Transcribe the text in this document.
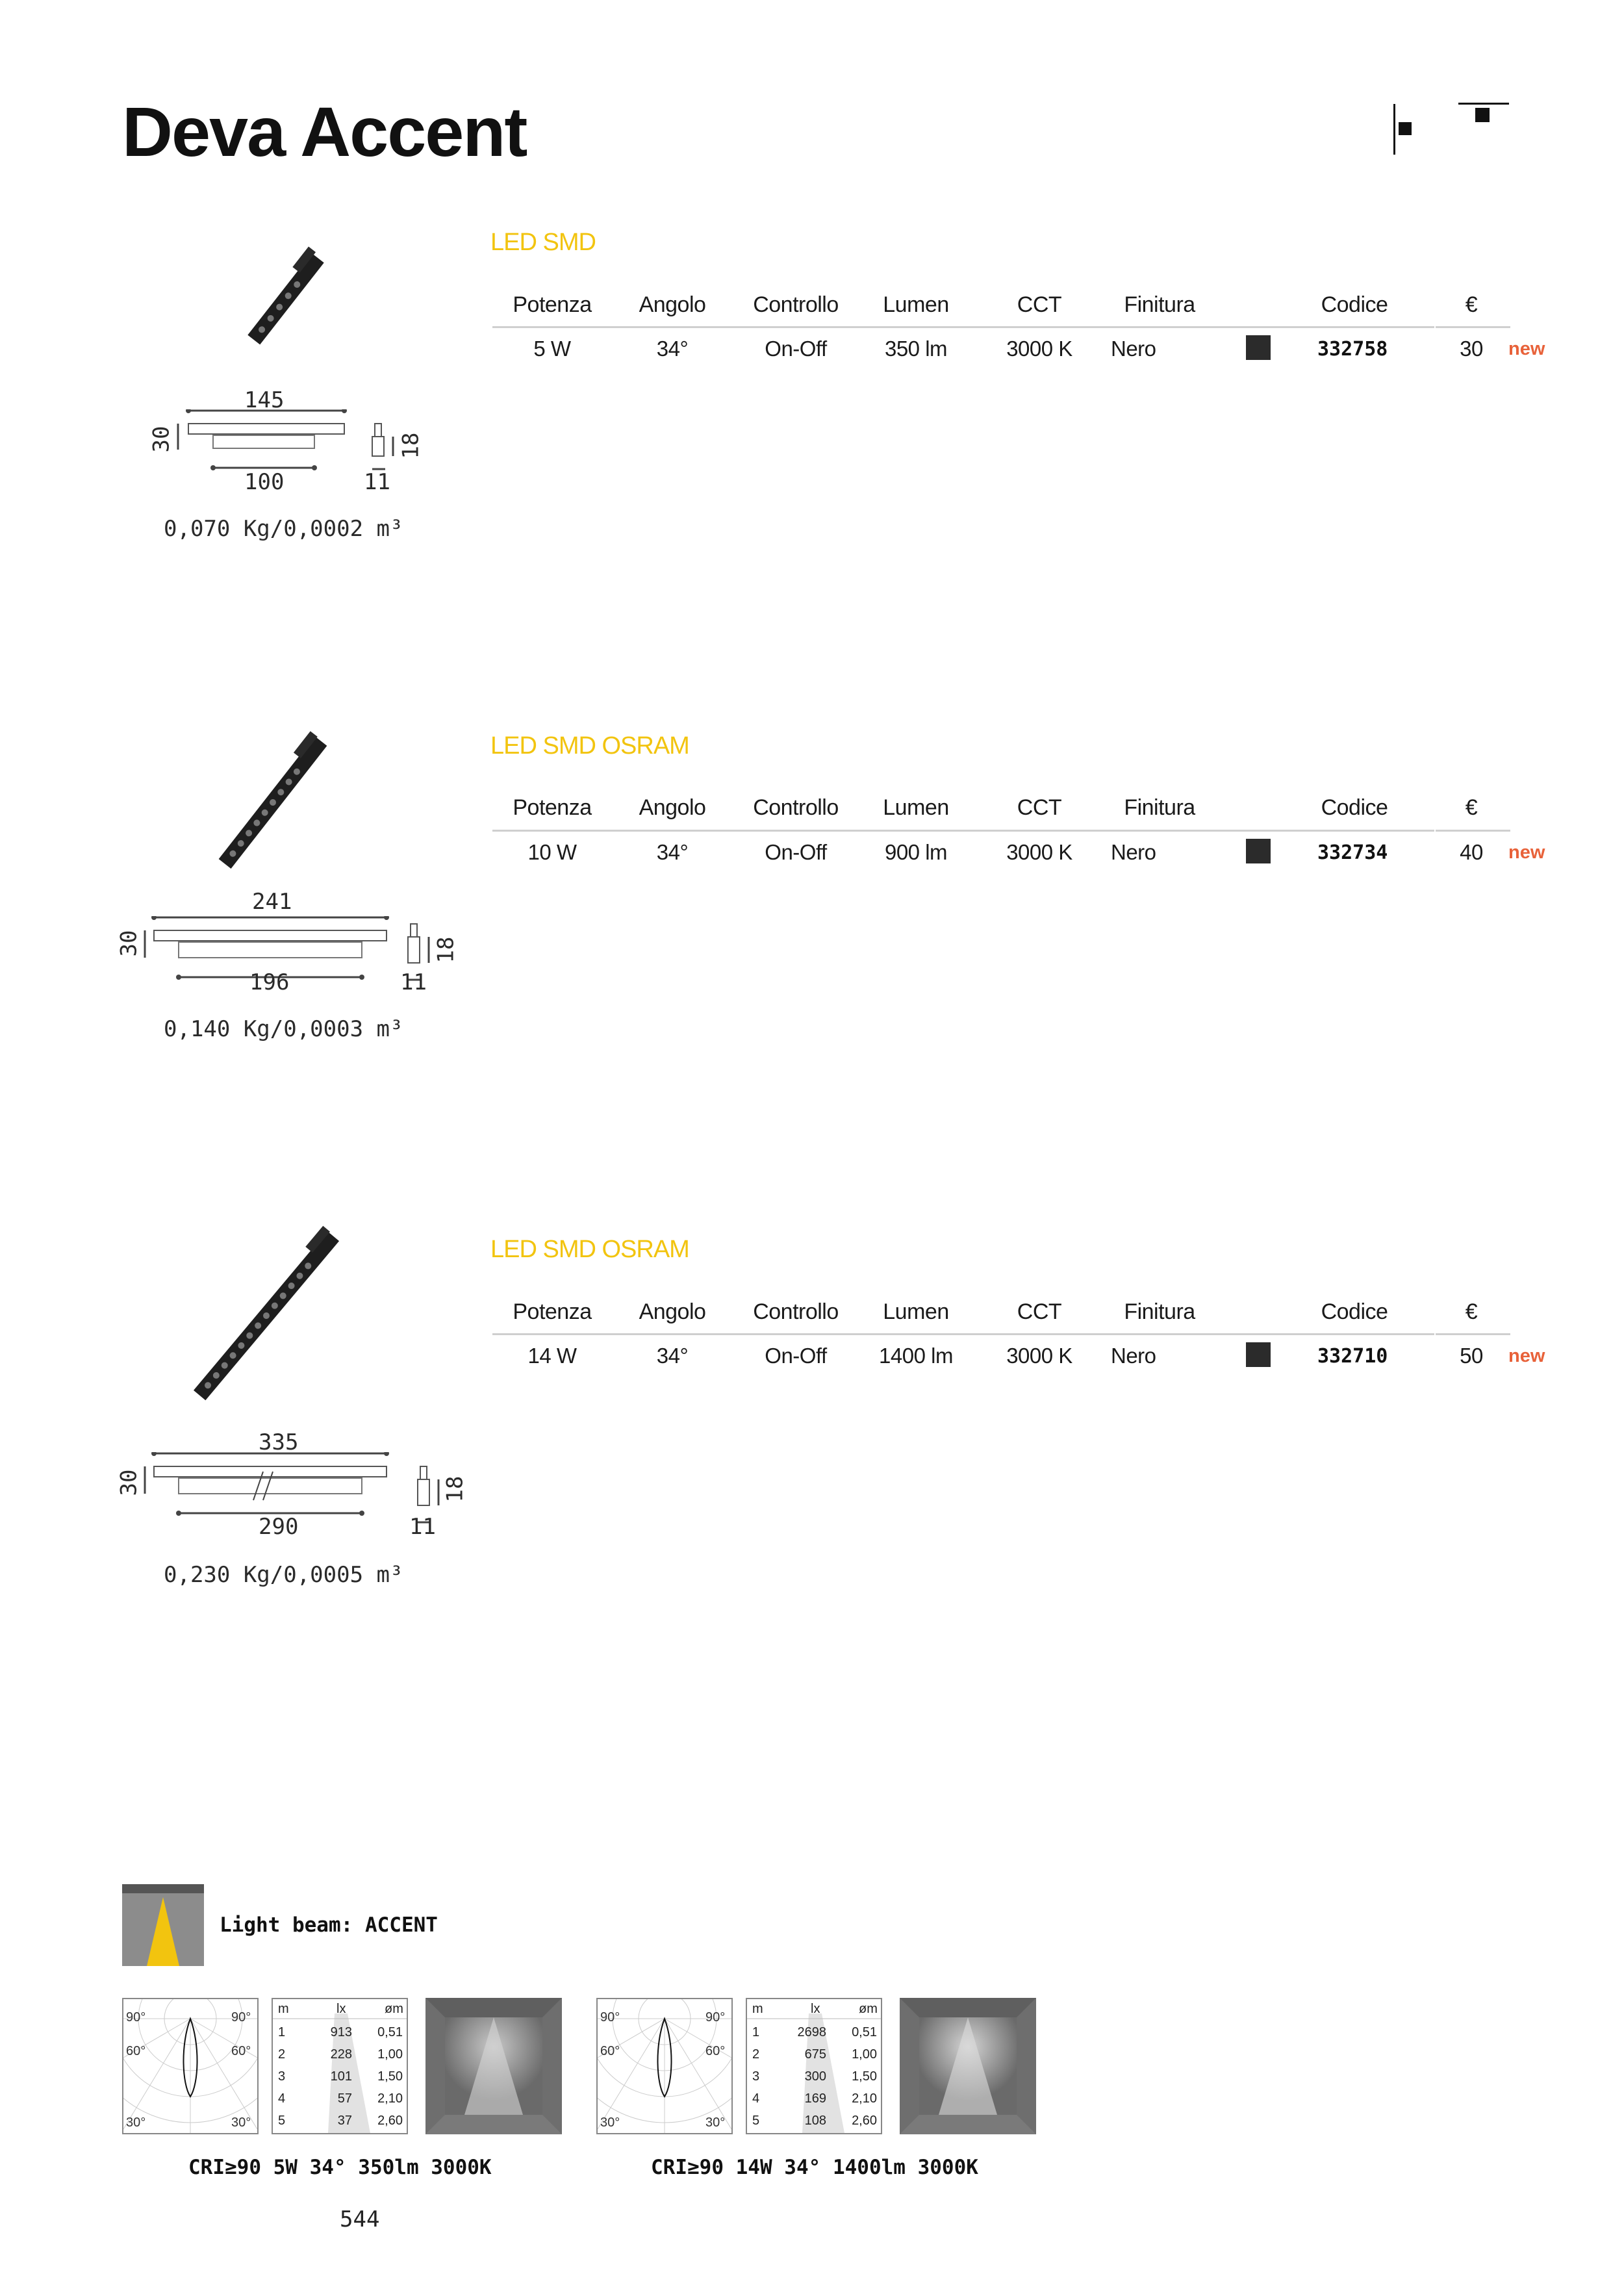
Deva Accent
145
100
30	18
11
0,070 Kg/0,0002 m³
LED SMD
Potenza	Angolo	Controllo	Lumen	CCT	Finitura	Codice	€
5 W	34°	On-Off	350 lm	3000 K	Nero	332758	30	new
241
196
30	18
11
0,140 Kg/0,0003 m³
LED SMD OSRAM
Potenza	Angolo	Controllo	Lumen	CCT	Finitura	Codice	€
10 W	34°	On-Off	900 lm	3000 K	Nero	332734	40	new
335
290
30	18
11
0,230 Kg/0,0005 m³
LED SMD OSRAM
Potenza	Angolo	Controllo	Lumen	CCT	Finitura	Codice	€
14 W	34°	On-Off	1400 lm	3000 K	Nero	332710	50	new
Light beam: ACCENT
90°	90°
60°	60°
30°	30°
m	lx	øm
1	913 0,51
2	228 1,00
3	101 1,50
4	57 2,10
5	37 2,60
CRI≥90 5W 34° 350lm 3000K
90°	90°
60°	60°
30°	30°
m	lx	øm
1	2698 0,51
2	675 1,00
3	300 1,50
4	169 2,10
5	108 2,60
CRI≥90 14W 34° 1400lm 3000K
544
